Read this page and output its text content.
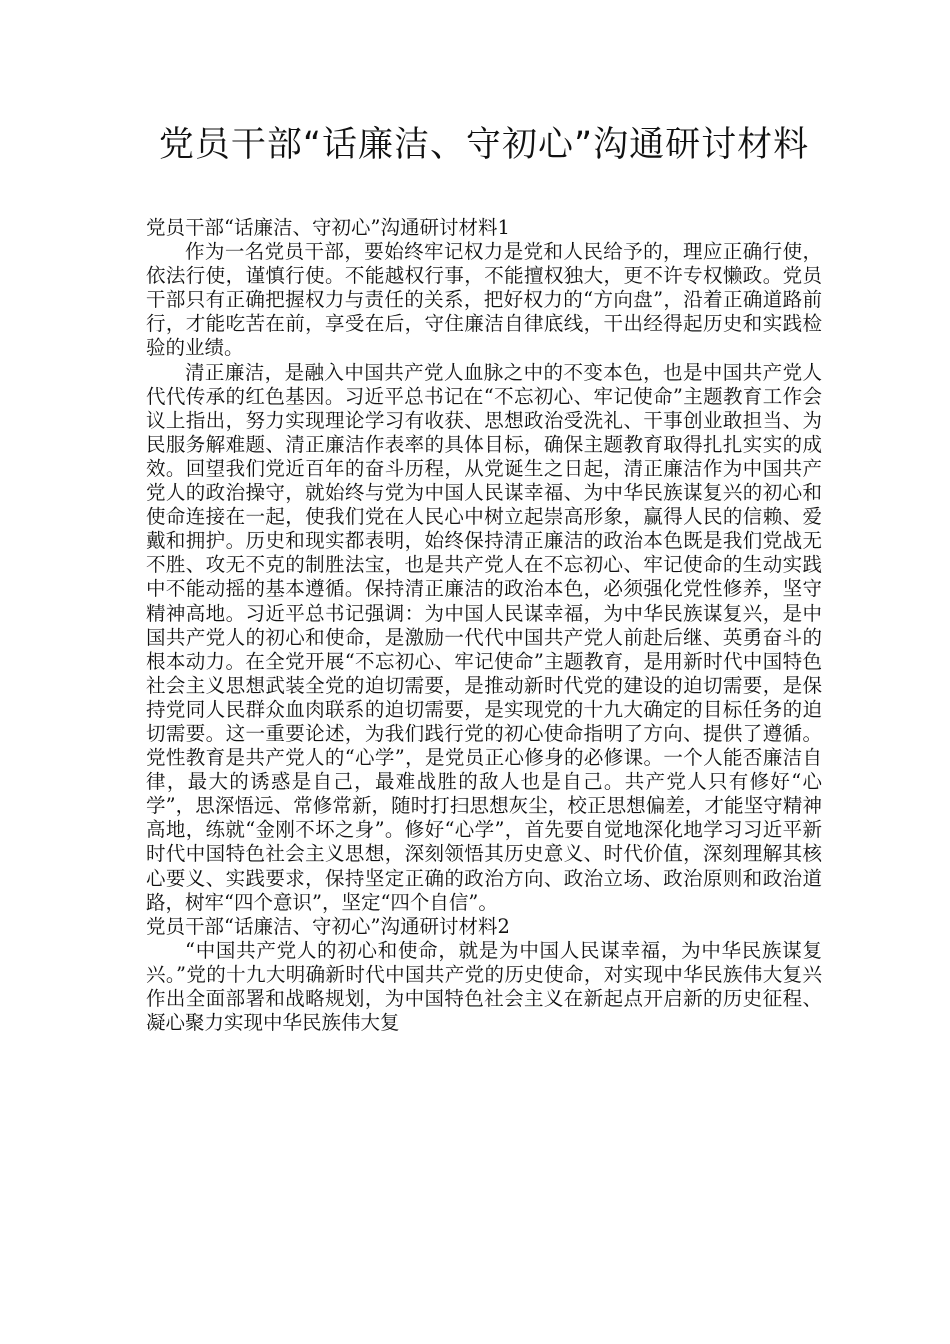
党员干部“话廉洁、守初心”沟通研讨材料

党员干部“话廉洁、守初心”沟通研讨材料1

作为一名党员干部，要始终牢记权力是党和人民给予的，理应正确行使，依法行使，谨慎行使。不能越权行事，不能擅权独大，更不许专权懒政。党员干部只有正确把握权力与责任的关系，把好权力的“方向盘”，沿着正确道路前行，才能吃苦在前，享受在后，守住廉洁自律底线，干出经得起历史和实践检验的业绩。

清正廉洁，是融入中国共产党人血脉之中的不变本色，也是中国共产党人代代传承的红色基因。习近平总书记在“不忘初心、牢记使命”主题教育工作会议上指出，努力实现理论学习有收获、思想政治受洗礼、干事创业敢担当、为民服务解难题、清正廉洁作表率的具体目标，确保主题教育取得扎扎实实的成效。回望我们党近百年的奋斗历程，从党诞生之日起，清正廉洁作为中国共产党人的政治操守，就始终与党为中国人民谋幸福、为中华民族谋复兴的初心和使命连接在一起，使我们党在人民心中树立起崇高形象，赢得人民的信赖、爱戴和拥护。历史和现实都表明，始终保持清正廉洁的政治本色既是我们党战无不胜、攻无不克的制胜法宝，也是共产党人在不忘初心、牢记使命的生动实践中不能动摇的基本遵循。保持清正廉洁的政治本色，必须强化党性修养，坚守精神高地。习近平总书记强调：为中国人民谋幸福，为中华民族谋复兴，是中国共产党人的初心和使命，是激励一代代中国共产党人前赴后继、英勇奋斗的根本动力。在全党开展“不忘初心、牢记使命”主题教育，是用新时代中国特色社会主义思想武装全党的迫切需要，是推动新时代党的建设的迫切需要，是保持党同人民群众血肉联系的迫切需要，是实现党的十九大确定的目标任务的迫切需要。这一重要论述，为我们践行党的初心使命指明了方向、提供了遵循。党性教育是共产党人的“心学”，是党员正心修身的必修课。一个人能否廉洁自律，最大的诱惑是自己，最难战胜的敌人也是自己。共产党人只有修好“心学”，思深悟远、常修常新，随时打扫思想灰尘，校正思想偏差，才能坚守精神高地，练就“金刚不坏之身”。修好“心学”，首先要自觉地深化地学习习近平新时代中国特色社会主义思想，深刻领悟其历史意义、时代价值，深刻理解其核心要义、实践要求，保持坚定正确的政治方向、政治立场、政治原则和政治道路，树牢“四个意识”，坚定“四个自信”。

党员干部“话廉洁、守初心”沟通研讨材料2

“中国共产党人的初心和使命，就是为中国人民谋幸福，为中华民族谋复兴。”党的十九大明确新时代中国共产党的历史使命，对实现中华民族伟大复兴作出全面部署和战略规划，为中国特色社会主义在新起点开启新的历史征程、凝心聚力实现中华民族伟大复
